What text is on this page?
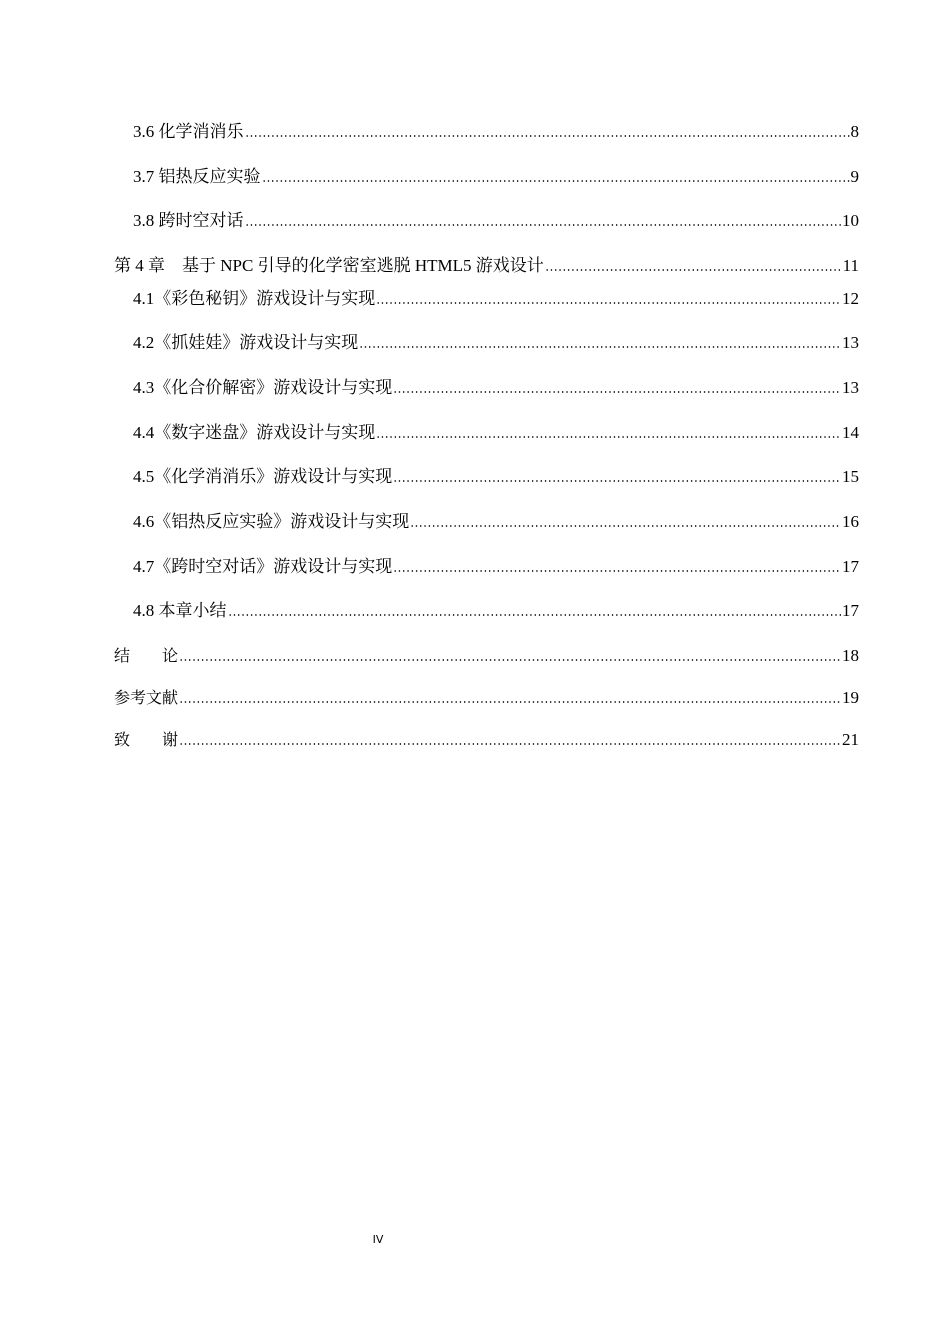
3.6 化学消消乐	8
3.7 铝热反应实验	9
3.8 跨时空对话	10
第 4 章　基于 NPC 引导的化学密室逃脱 HTML5 游戏设计	11
4.1《彩色秘钥》游戏设计与实现	12
4.2《抓娃娃》游戏设计与实现	13
4.3《化合价解密》游戏设计与实现	13
4.4《数字迷盘》游戏设计与实现	14
4.5《化学消消乐》游戏设计与实现	15
4.6《铝热反应实验》游戏设计与实现	16
4.7《跨时空对话》游戏设计与实现	17
4.8 本章小结	17
结　　论	18
参考文献	19
致　　谢	21
IV
